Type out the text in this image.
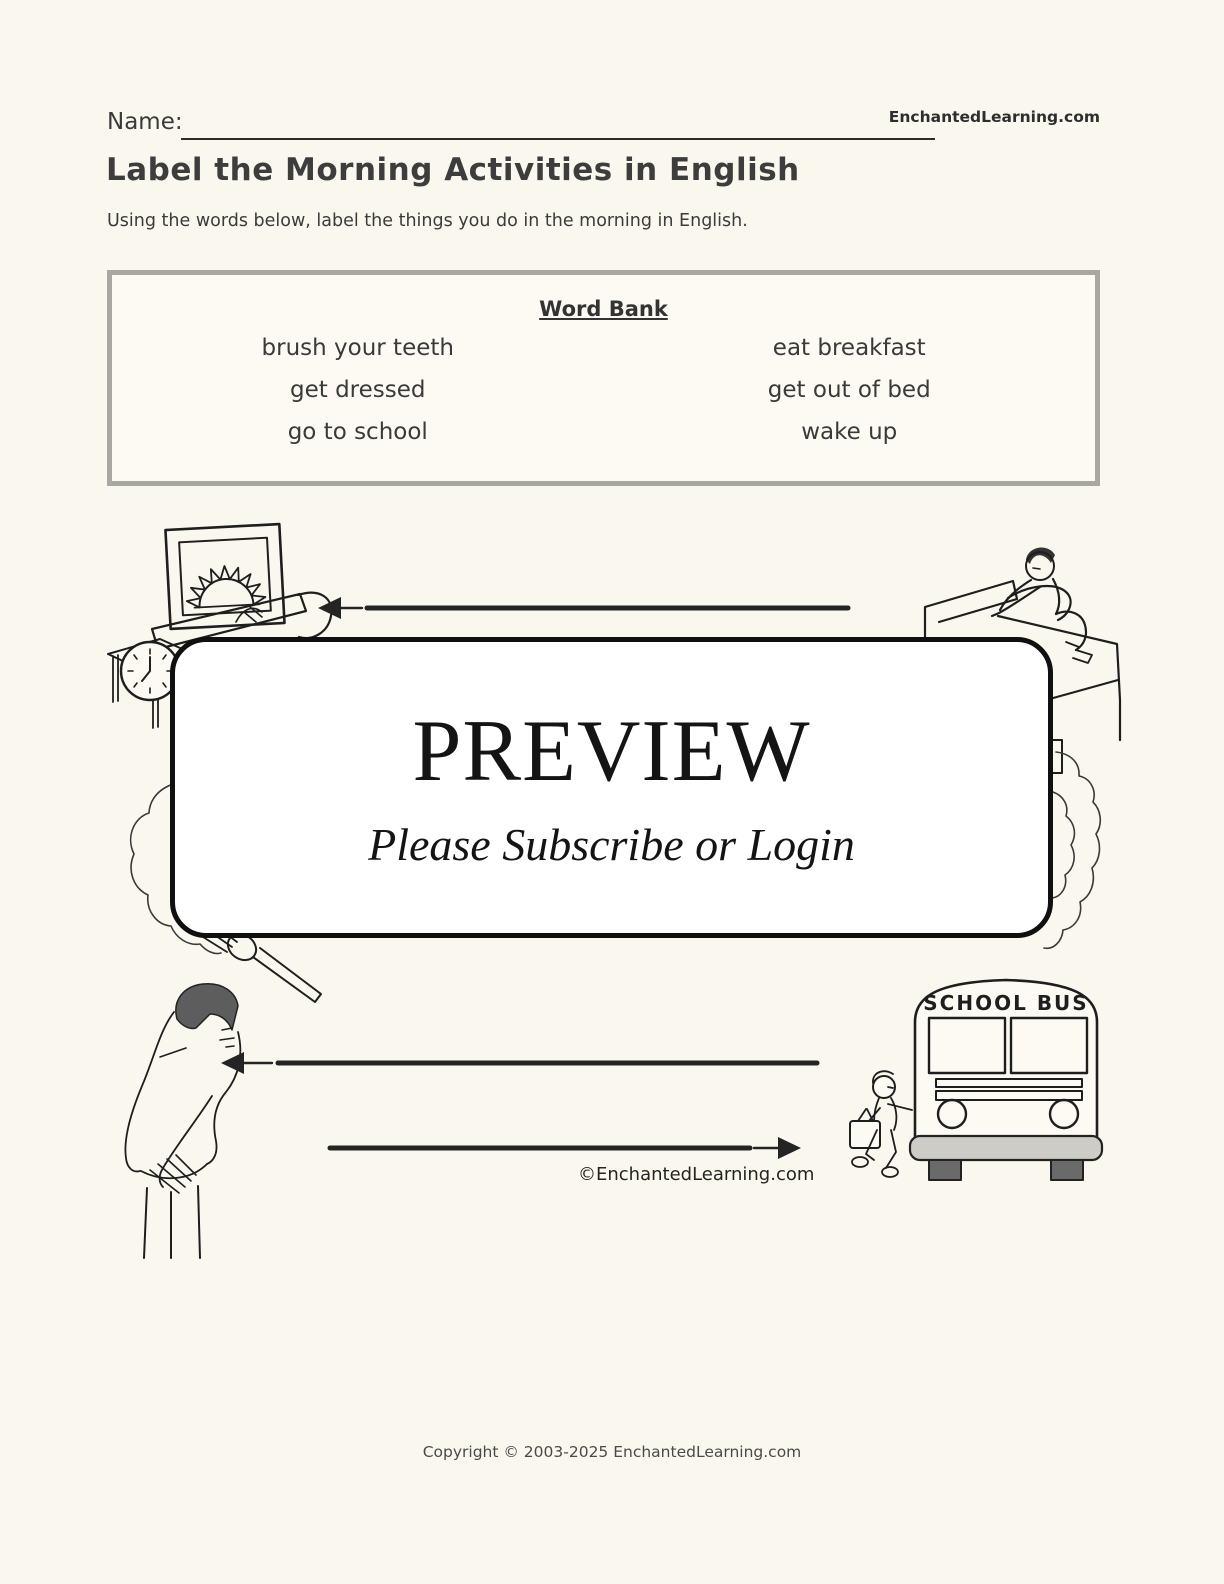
Name:	EnchantedLearning.com
Label the Morning Activities in English
Using the words below, label the things you do in the morning in English.
Word Bank
brush your teeth
get dressed
go to school
eat breakfast
get out of bed
wake up
SCHOOL BUS
PREVIEW
Please Subscribe or Login
©EnchantedLearning.com
Copyright © 2003-2025 EnchantedLearning.com
